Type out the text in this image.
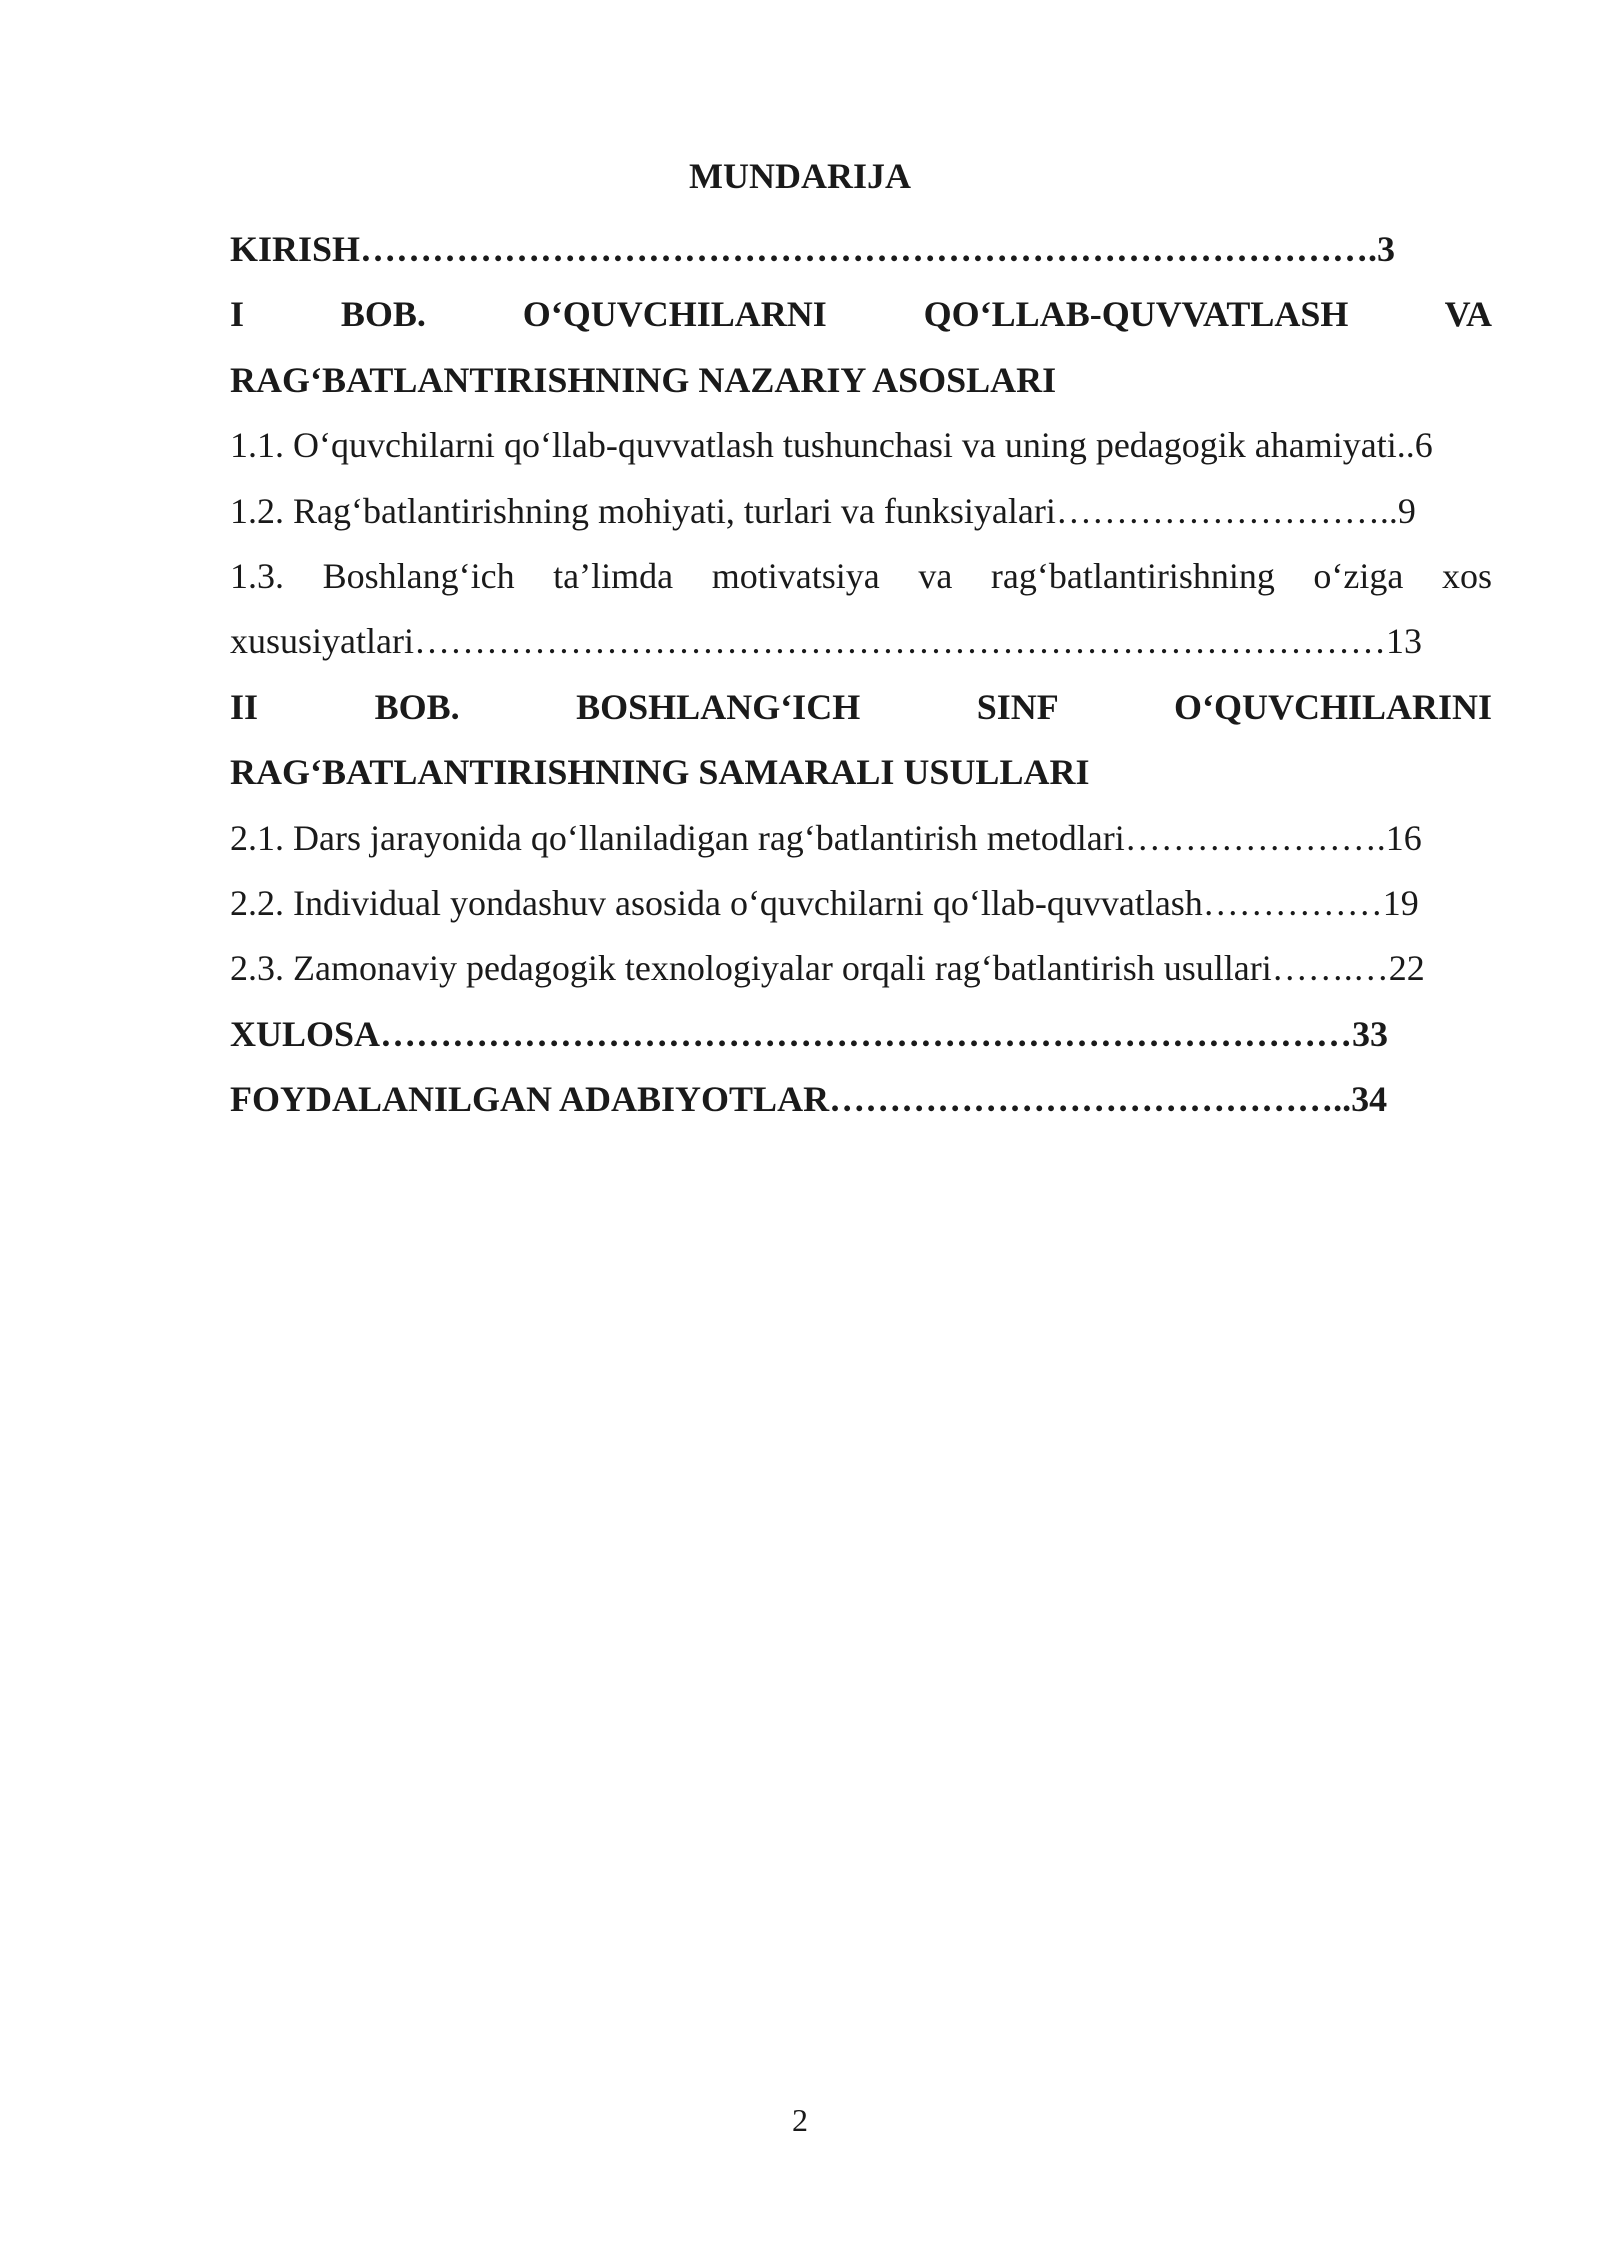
MUNDARIJA
KIRISH………………………………………………………………………….3
I BOB. O‘QUVCHILARNI QO‘LLAB-QUVVATLASH VA
RAG‘BATLANTIRISHNING NAZARIY ASOSLARI
1.1. O‘quvchilarni qo‘llab-quvvatlash tushunchasi va uning pedagogik ahamiyati..6
1.2. Rag‘batlantirishning mohiyati, turlari va funksiyalari………………………..9
1.3. Boshlang‘ich ta’limda motivatsiya va rag‘batlantirishning o‘ziga xos
xususiyatlari………………………………………………………………………13
II BOB. BOSHLANG‘ICH SINF O‘QUVCHILARINI
RAG‘BATLANTIRISHNING SAMARALI USULLARI
2.1. Dars jarayonida qo‘llaniladigan rag‘batlantirish metodlari………………….16
2.2. Individual yondashuv asosida o‘quvchilarni qo‘llab-quvvatlash……………19
2.3. Zamonaviy pedagogik texnologiyalar orqali rag‘batlantirish usullari…….…22
XULOSA………………………………………………………………………33
FOYDALANILGAN ADABIYOTLAR……………………………………..34
2
